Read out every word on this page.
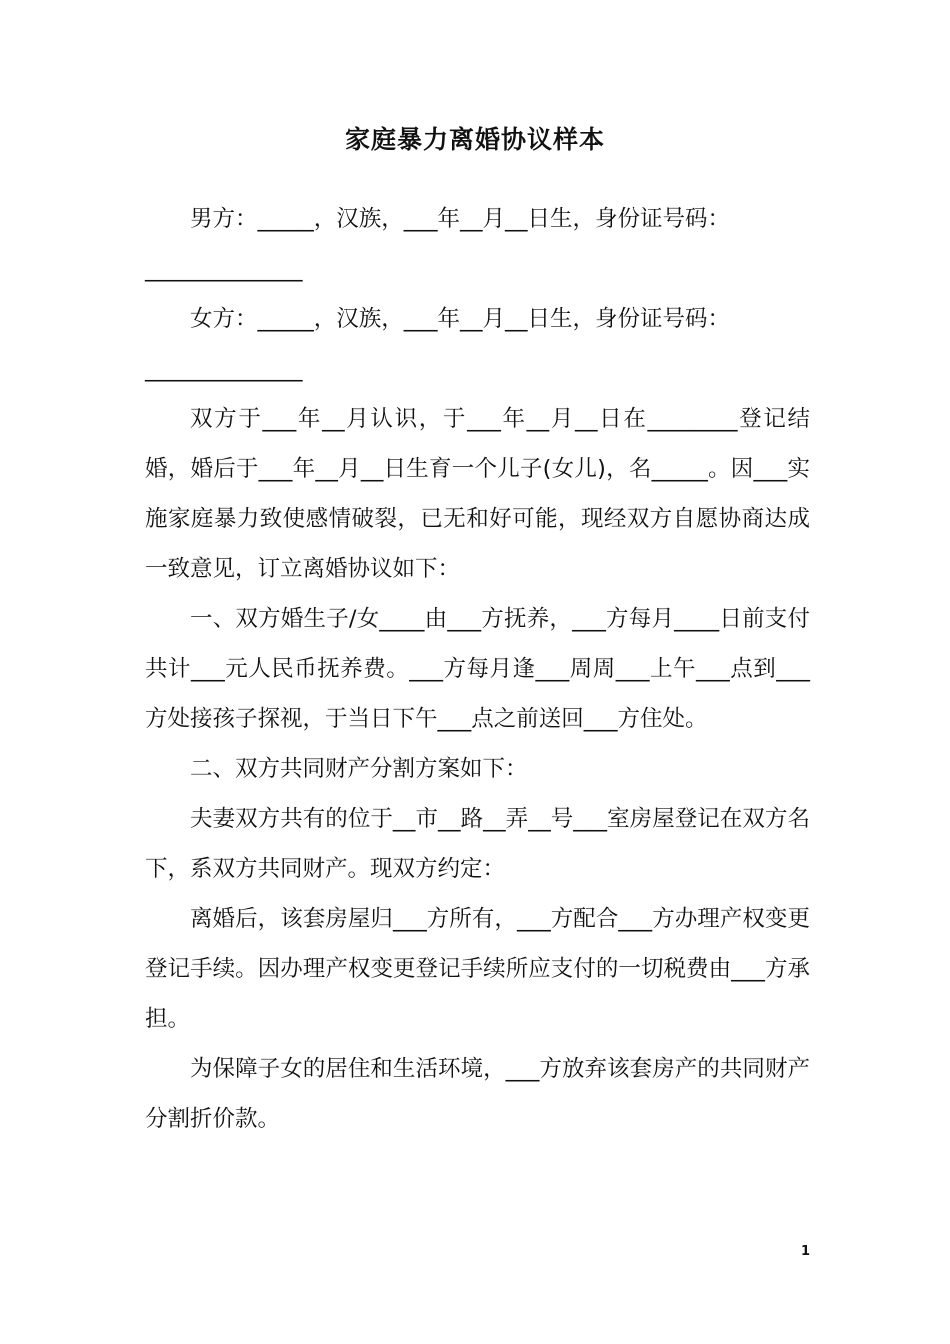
家庭暴力离婚协议样本

男方：_____，汉族，___年__月__日生，身份证号码：

______________

女方：_____，汉族，___年__月__日生，身份证号码：

______________

双方于___年__月认识，于___年__月__日在________登记结婚，婚后于___年__月__日生育一个儿子(女儿)，名_____。因___实施家庭暴力致使感情破裂，已无和好可能，现经双方自愿协商达成一致意见，订立离婚协议如下：

一、双方婚生子/女____由___方抚养，___方每月____日前支付共计___元人民币抚养费。___方每月逢___周周___上午___点到___方处接孩子探视，于当日下午___点之前送回___方住处。

二、双方共同财产分割方案如下：

夫妻双方共有的位于__市__路__弄__号___室房屋登记在双方名下，系双方共同财产。现双方约定：

离婚后，该套房屋归___方所有，___方配合___方办理产权变更登记手续。因办理产权变更登记手续所应支付的一切税费由___方承担。

为保障子女的居住和生活环境，___方放弃该套房产的共同财产分割折价款。

1
